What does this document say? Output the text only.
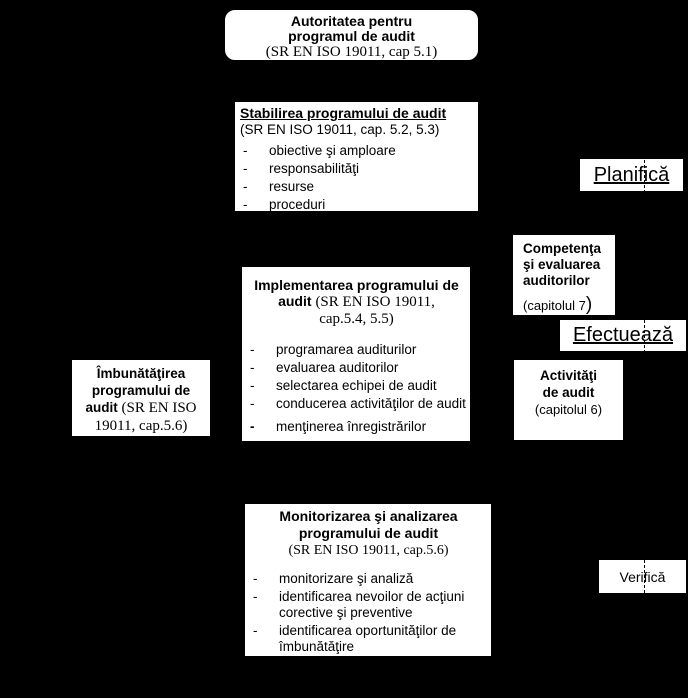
Autoritatea pentru
programul de audit
(SR EN ISO 19011, cap 5.1)
Stabilirea programului de audit
(SR EN ISO 19011, cap. 5.2, 5.3)
-	obiective şi amploare
-	responsabilităţi
-	resurse
-	proceduri
Planifică
Competenţa şi evaluarea auditorilor
(capitolul 7)
Implementarea programului de audit (SR EN ISO 19011, cap.5.4, 5.5)
-	programarea auditurilor
-	evaluarea auditorilor
-	selectarea echipei de audit
-	conducerea activităţilor de audit
-	menţinerea înregistrărilor
Îmbunătăţirea programului de audit (SR EN ISO 19011, cap.5.6)
Efectuează
Activităţi
de audit
(capitolul 6)
Monitorizarea şi analizarea
programului de audit
(SR EN ISO 19011, cap.5.6)
-	monitorizare şi analiză
-	identificarea nevoilor de acţiuni corective şi preventive
-	identificarea oportunităţilor de îmbunătăţire
Verifică
